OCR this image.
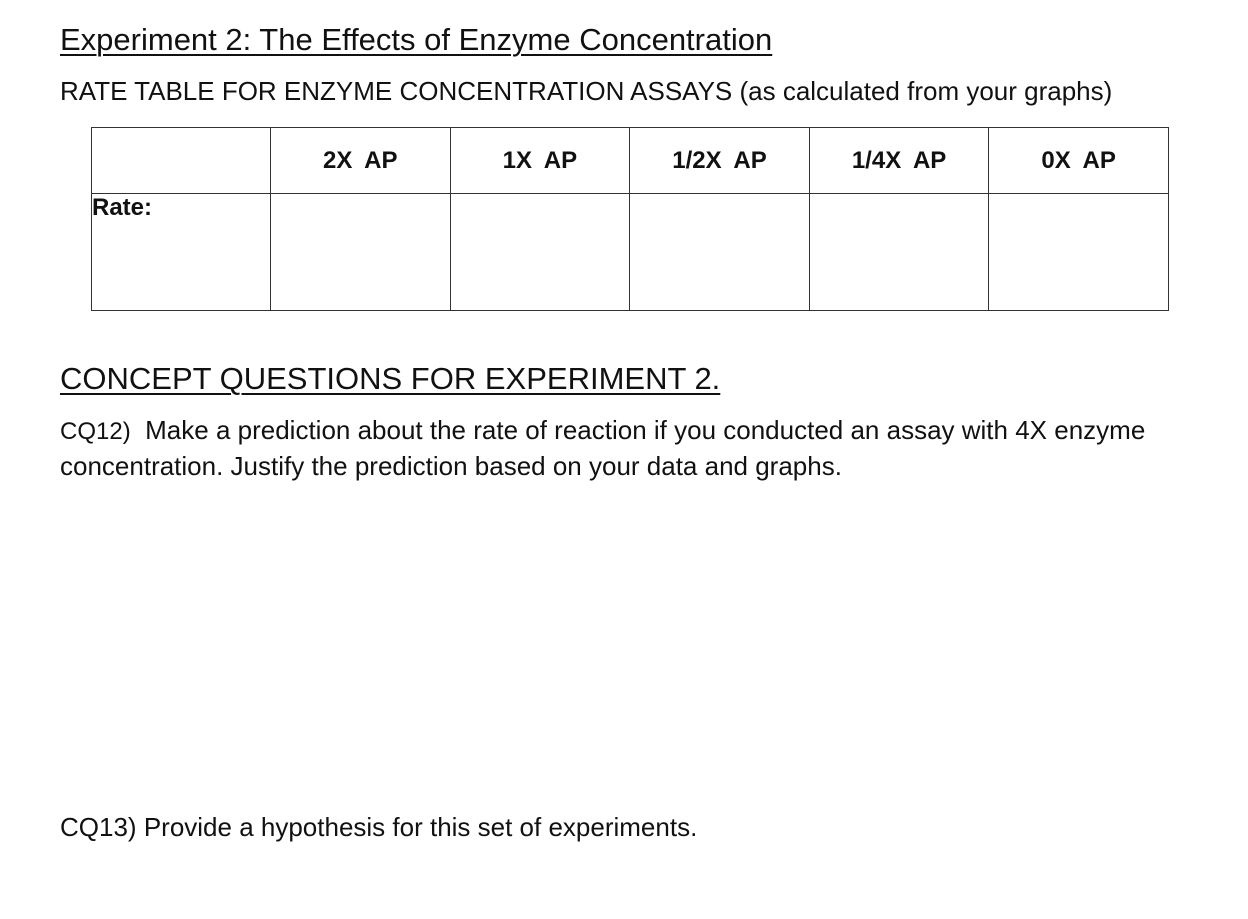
Experiment 2: The Effects of Enzyme Concentration
RATE TABLE FOR ENZYME CONCENTRATION ASSAYS (as calculated from your graphs)
	2X AP	1X AP	1/2X AP	1/4X AP	0X AP
Rate:					
CONCEPT QUESTIONS FOR EXPERIMENT 2.
CQ12) Make a prediction about the rate of reaction if you conducted an assay with 4X enzyme concentration. Justify the prediction based on your data and graphs.
CQ13) Provide a hypothesis for this set of experiments.
